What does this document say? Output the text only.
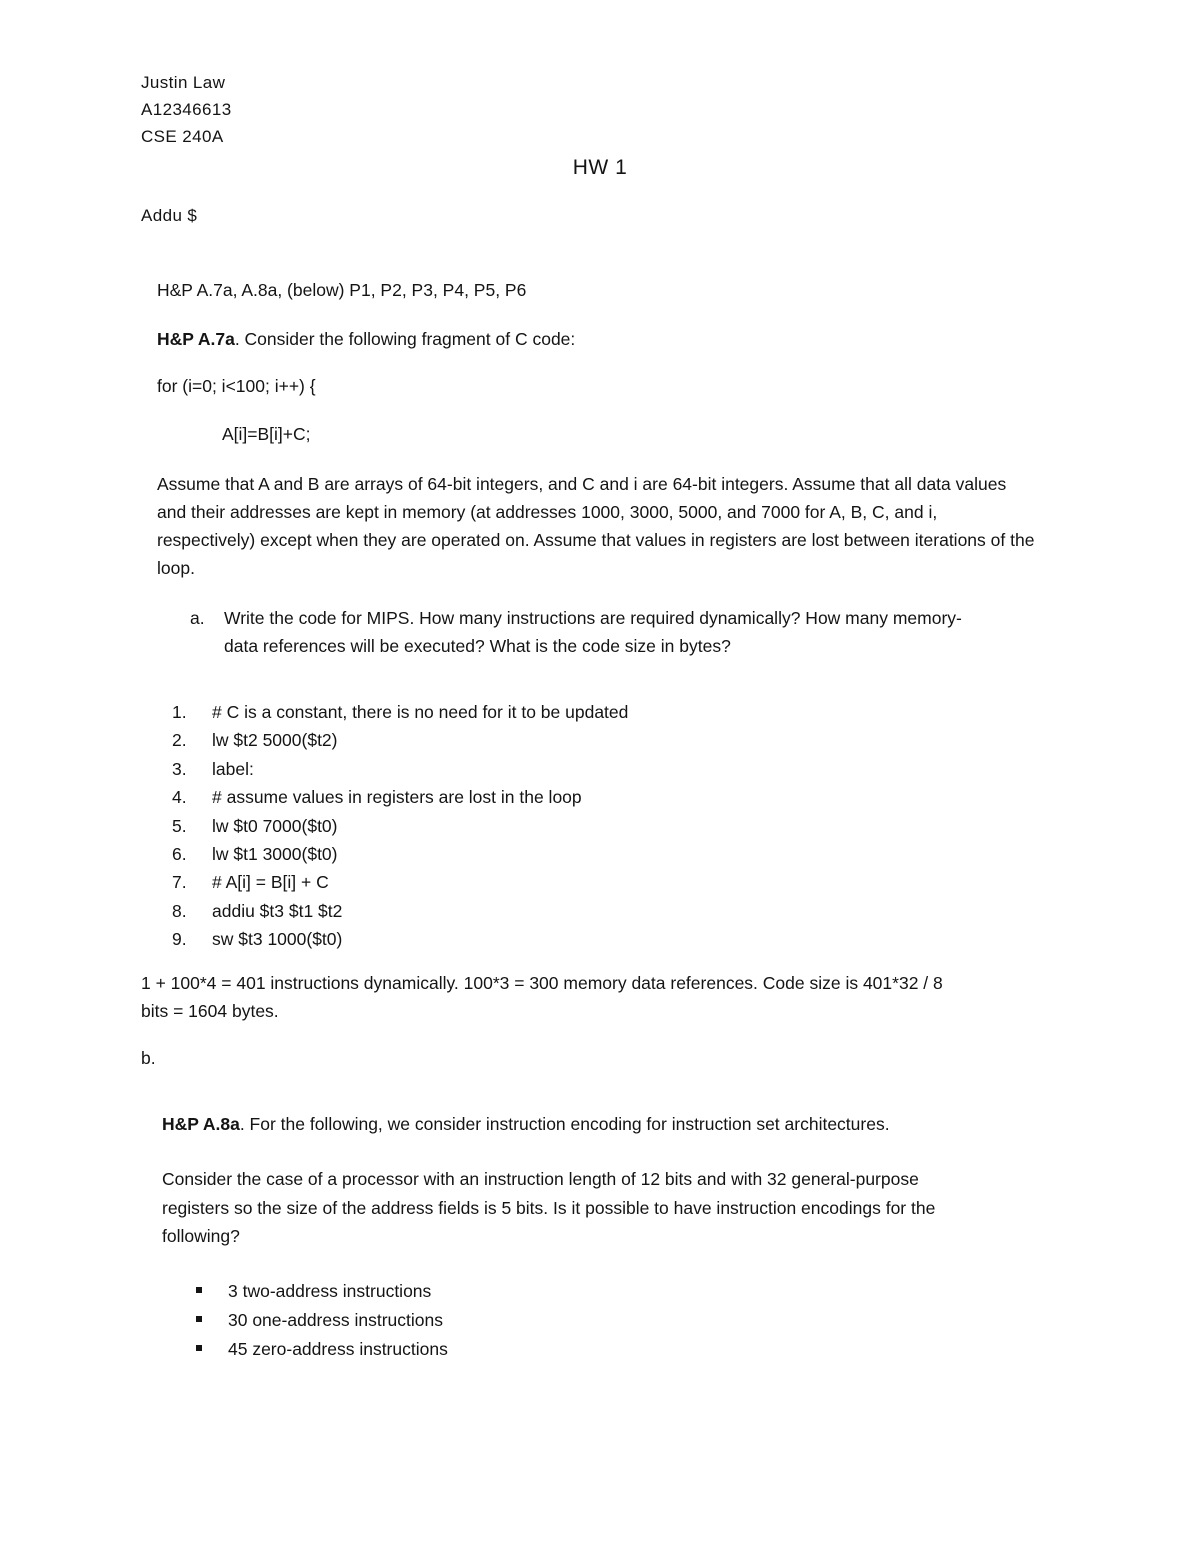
Justin Law
A12346613
CSE 240A
HW 1
Addu $
H&P A.7a, A.8a, (below) P1, P2, P3, P4, P5, P6
H&P A.7a. Consider the following fragment of C code:
for (i=0; i<100; i++) {
A[i]=B[i]+C;
Assume that A and B are arrays of 64-bit integers, and C and i are 64-bit integers. Assume that all data values and their addresses are kept in memory (at addresses 1000, 3000, 5000, and 7000 for A, B, C, and i, respectively) except when they are operated on. Assume that values in registers are lost between iterations of the loop.
a. Write the code for MIPS. How many instructions are required dynamically? How many memory-
data references will be executed? What is the code size in bytes?
1. # C is a constant, there is no need for it to be updated
2. lw $t2 5000($t2)
3. label:
4. # assume values in registers are lost in the loop
5. lw $t0 7000($t0)
6. lw $t1 3000($t0)
7. # A[i] = B[i] + C
8. addiu $t3 $t1 $t2
9. sw $t3 1000($t0)
1 + 100*4 = 401 instructions dynamically. 100*3 = 300 memory data references. Code size is 401*32 / 8
bits = 1604 bytes.
b.
H&P A.8a. For the following, we consider instruction encoding for instruction set architectures.
Consider the case of a processor with an instruction length of 12 bits and with 32 general-purpose
registers so the size of the address fields is 5 bits. Is it possible to have instruction encodings for the
following?
3 two-address instructions
30 one-address instructions
45 zero-address instructions
